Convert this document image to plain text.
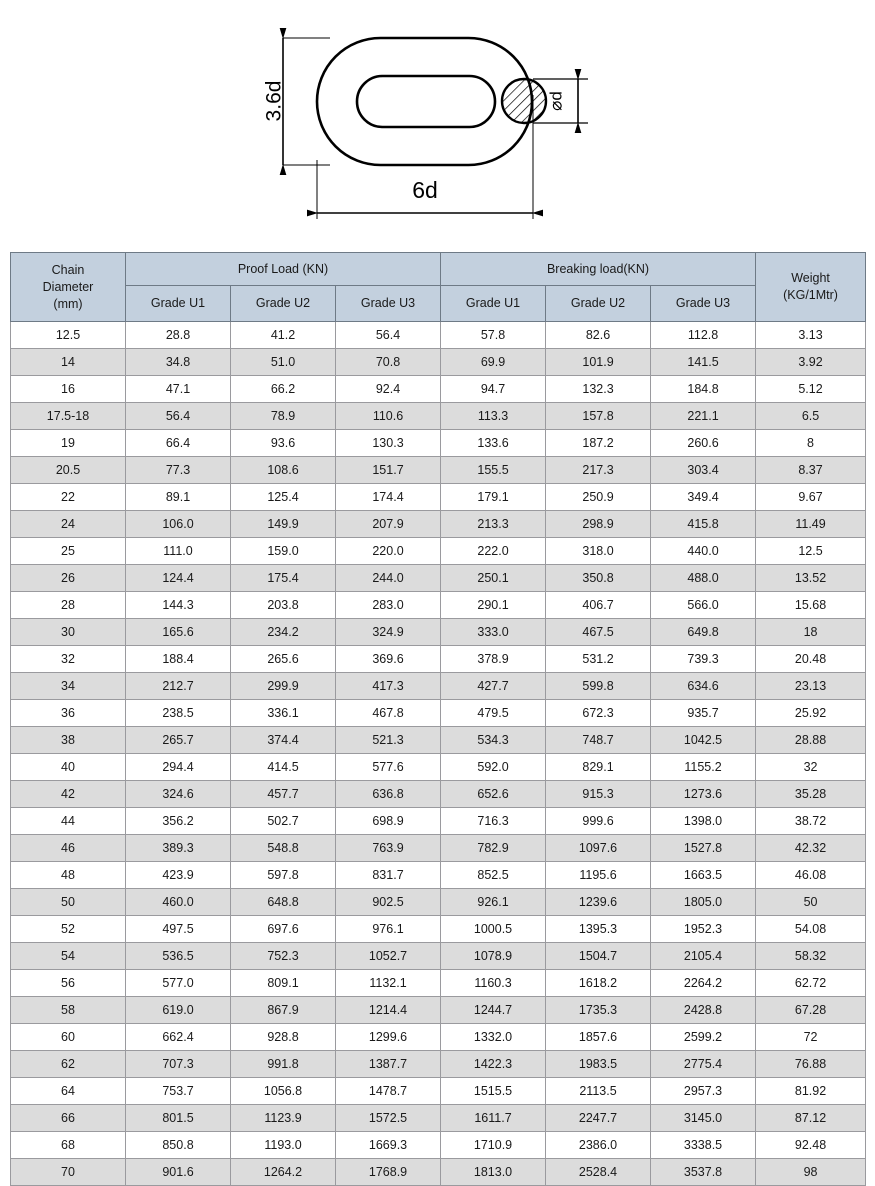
3.6d
6d
⌀d
Chain
Diameter
(mm)
	Proof Load (KN)	Breaking load(KN)	
Weight
(KG/1Mtr)

	Grade U1	Grade U2	Grade U3	Grade U1	Grade U2	Grade U3	
12.5	28.8	41.2	56.4	57.8	82.6	112.8	3.13
14	34.8	51.0	70.8	69.9	101.9	141.5	3.92
16	47.1	66.2	92.4	94.7	132.3	184.8	5.12
17.5-18	56.4	78.9	110.6	113.3	157.8	221.1	6.5
19	66.4	93.6	130.3	133.6	187.2	260.6	8
20.5	77.3	108.6	151.7	155.5	217.3	303.4	8.37
22	89.1	125.4	174.4	179.1	250.9	349.4	9.67
24	106.0	149.9	207.9	213.3	298.9	415.8	11.49
25	111.0	159.0	220.0	222.0	318.0	440.0	12.5
26	124.4	175.4	244.0	250.1	350.8	488.0	13.52
28	144.3	203.8	283.0	290.1	406.7	566.0	15.68
30	165.6	234.2	324.9	333.0	467.5	649.8	18
32	188.4	265.6	369.6	378.9	531.2	739.3	20.48
34	212.7	299.9	417.3	427.7	599.8	634.6	23.13
36	238.5	336.1	467.8	479.5	672.3	935.7	25.92
38	265.7	374.4	521.3	534.3	748.7	1042.5	28.88
40	294.4	414.5	577.6	592.0	829.1	1155.2	32
42	324.6	457.7	636.8	652.6	915.3	1273.6	35.28
44	356.2	502.7	698.9	716.3	999.6	1398.0	38.72
46	389.3	548.8	763.9	782.9	1097.6	1527.8	42.32
48	423.9	597.8	831.7	852.5	1195.6	1663.5	46.08
50	460.0	648.8	902.5	926.1	1239.6	1805.0	50
52	497.5	697.6	976.1	1000.5	1395.3	1952.3	54.08
54	536.5	752.3	1052.7	1078.9	1504.7	2105.4	58.32
56	577.0	809.1	1132.1	1160.3	1618.2	2264.2	62.72
58	619.0	867.9	1214.4	1244.7	1735.3	2428.8	67.28
60	662.4	928.8	1299.6	1332.0	1857.6	2599.2	72
62	707.3	991.8	1387.7	1422.3	1983.5	2775.4	76.88
64	753.7	1056.8	1478.7	1515.5	2113.5	2957.3	81.92
66	801.5	1123.9	1572.5	1611.7	2247.7	3145.0	87.12
68	850.8	1193.0	1669.3	1710.9	2386.0	3338.5	92.48
70	901.6	1264.2	1768.9	1813.0	2528.4	3537.8	98
